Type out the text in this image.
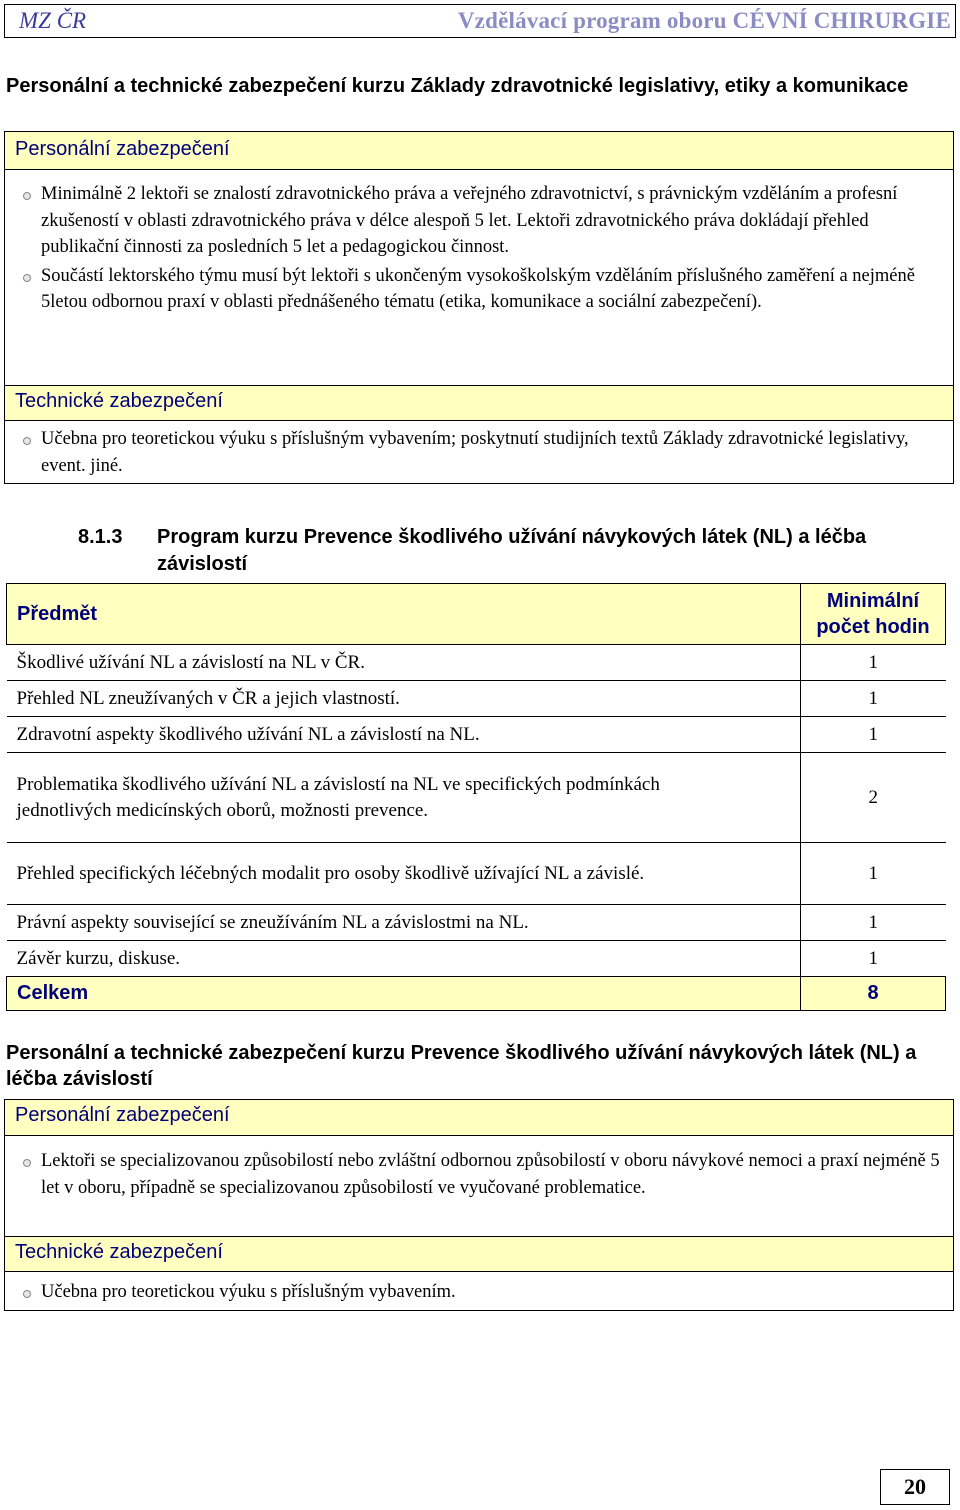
MZ ČR	Vzdělávací program oboru CÉVNÍ CHIRURGIE
Personální a technické zabezpečení kurzu Základy zdravotnické legislativy, etiky a komunikace
Personální zabezpečení
Minimálně 2 lektoři se znalostí zdravotnického práva a veřejného zdravotnictví, s právnickým vzděláním a profesní zkušeností v oblasti zdravotnického práva v délce alespoň 5 let. Lektoři zdravotnického práva dokládají přehled publikační činnosti za posledních 5 let a pedagogickou činnost.
Součástí lektorského týmu musí být lektoři s ukončeným vysokoškolským vzděláním příslušného zaměření a nejméně 5letou odbornou praxí v oblasti přednášeného tématu (etika, komunikace a sociální zabezpečení).
Technické zabezpečení
Učebna pro teoretickou výuku s příslušným vybavením; poskytnutí studijních textů Základy zdravotnické legislativy, event. jiné.
8.1.3 Program kurzu Prevence škodlivého užívání návykových látek (NL) a léčba závislostí
Předmět	Minimální počet hodin
Škodlivé užívání NL a závislostí na NL v ČR.	1
Přehled NL zneužívaných v ČR a jejich vlastností.	1
Zdravotní aspekty škodlivého užívání NL a závislostí na NL.	1
Problematika škodlivého užívání NL a závislostí na NL ve specifických podmínkách jednotlivých medicínských oborů, možnosti prevence.	2
Přehled specifických léčebných modalit pro osoby škodlivě užívající NL a závislé.	1
Právní aspekty související se zneužíváním NL a závislostmi na NL.	1
Závěr kurzu, diskuse.	1
Celkem	8
Personální a technické zabezpečení kurzu Prevence škodlivého užívání návykových látek (NL) a léčba závislostí
Personální zabezpečení
Lektoři se specializovanou způsobilostí nebo zvláštní odbornou způsobilostí v oboru návykové nemoci a praxí nejméně 5 let v oboru, případně se specializovanou způsobilostí ve vyučované problematice.
Technické zabezpečení
Učebna pro teoretickou výuku s příslušným vybavením.
20
